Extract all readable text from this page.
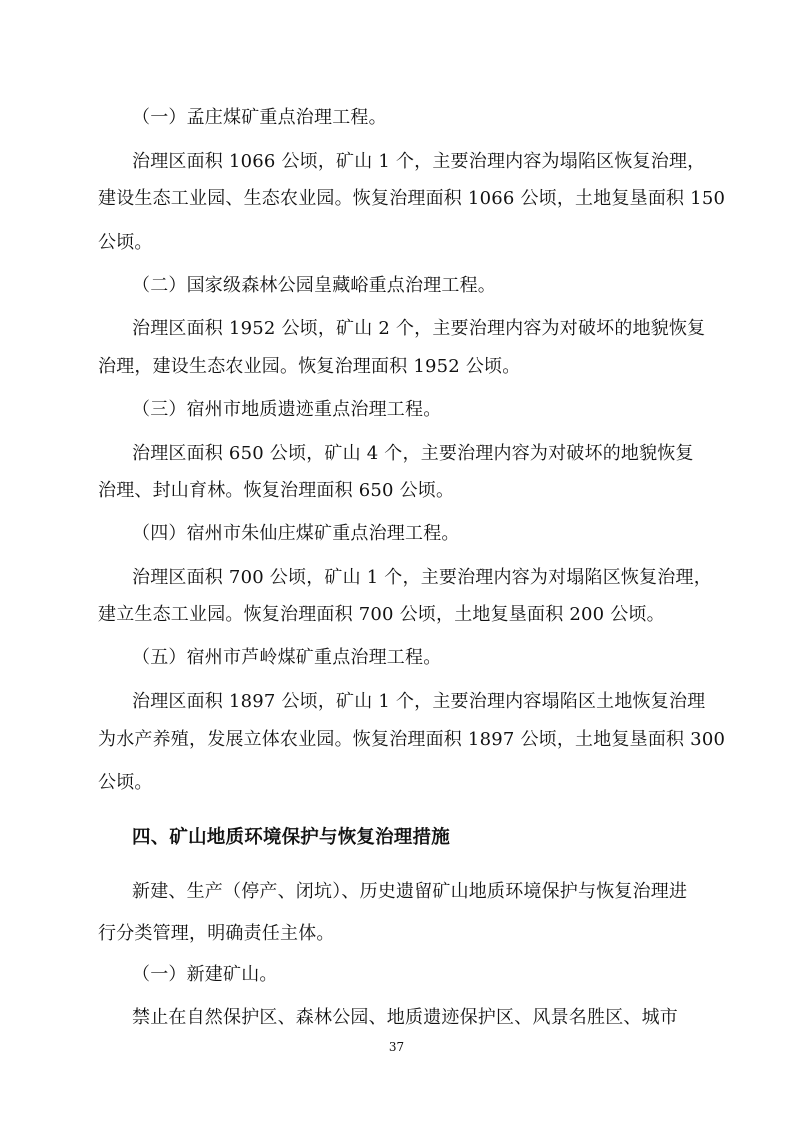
（一）孟庄煤矿重点治理工程。
治理区面积 1066 公顷，矿山 1 个，主要治理内容为塌陷区恢复治理，
建设生态工业园、生态农业园。恢复治理面积 1066 公顷，土地复垦面积 150
公顷。
（二）国家级森林公园皇藏峪重点治理工程。
治理区面积 1952 公顷，矿山 2 个，主要治理内容为对破坏的地貌恢复
治理，建设生态农业园。恢复治理面积 1952 公顷。
（三）宿州市地质遗迹重点治理工程。
治理区面积 650 公顷，矿山 4 个，主要治理内容为对破坏的地貌恢复
治理、封山育林。恢复治理面积 650 公顷。
（四）宿州市朱仙庄煤矿重点治理工程。
治理区面积 700 公顷，矿山 1 个，主要治理内容为对塌陷区恢复治理，
建立生态工业园。恢复治理面积 700 公顷，土地复垦面积 200 公顷。
（五）宿州市芦岭煤矿重点治理工程。
治理区面积 1897 公顷，矿山 1 个，主要治理内容塌陷区土地恢复治理
为水产养殖，发展立体农业园。恢复治理面积 1897 公顷，土地复垦面积 300
公顷。
四、矿山地质环境保护与恢复治理措施
新建、生产（停产、闭坑）、历史遗留矿山地质环境保护与恢复治理进
行分类管理，明确责任主体。
（一）新建矿山。
禁止在自然保护区、森林公园、地质遗迹保护区、风景名胜区、城市
37
